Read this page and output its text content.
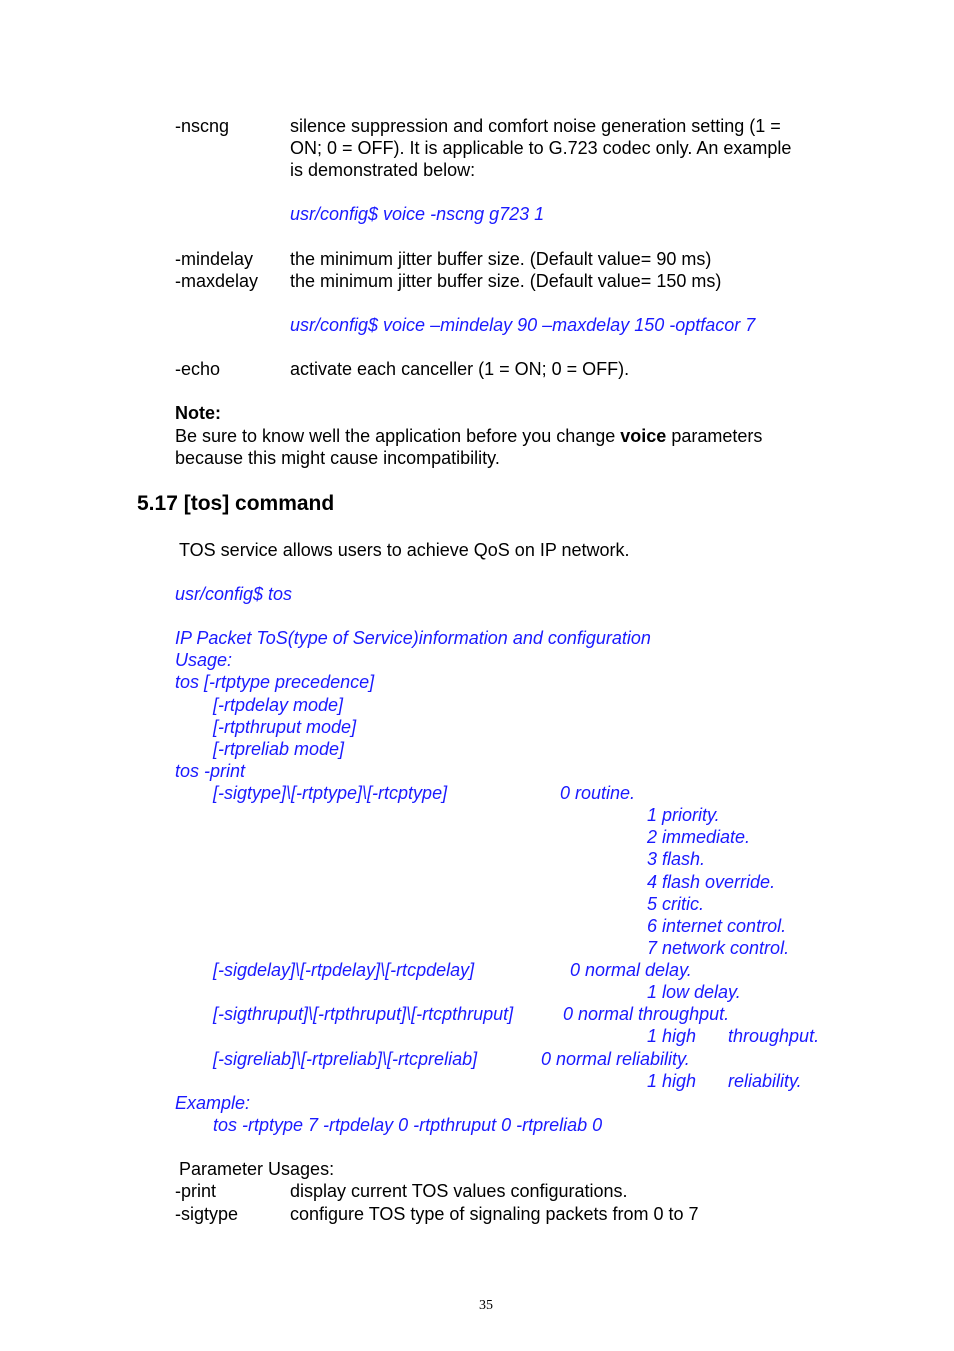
-nscng	silence suppression and comfort noise generation setting (1 =
ON; 0 = OFF). It is applicable to G.723 codec only. An example
is demonstrated below:
usr/config$ voice -nscng g723 1
-mindelay the minimum jitter buffer size. (Default value= 90 ms)
-maxdelay the minimum jitter buffer size. (Default value= 150 ms)
usr/config$ voice –mindelay 90 –maxdelay 150 -optfacor 7
-echo	activate each canceller (1 = ON; 0 = OFF).
Note:
Be sure to know well the application before you change voice parameters
because this might cause incompatibility.
5.17 [tos] command
TOS service allows users to achieve QoS on IP network.
usr/config$ tos
IP Packet ToS(type of Service)information and configuration
Usage:
tos [-rtptype precedence]
[-rtpdelay mode]
[-rtpthruput mode]
[-rtpreliab mode]
tos -print
[-sigtype]\[-rtptype]\[-rtcptype]	0 routine.
1 priority.
2 immediate.
3 flash.
4 flash override.
5 critic.
6 internet control.
7 network control.
[-sigdelay]\[-rtpdelay]\[-rtcpdelay]	0 normal delay.
1 low delay.
[-sigthruput]\[-rtpthruput]\[-rtcpthruput]	0 normal throughput.
1 high throughput.
[-sigreliab]\[-rtpreliab]\[-rtcpreliab]	0 normal reliability.
1 high reliability.
Example:
tos -rtptype 7 -rtpdelay 0 -rtpthruput 0 -rtpreliab 0
Parameter Usages:
-print	display current TOS values configurations.
-sigtype	configure TOS type of signaling packets from 0 to 7
35
